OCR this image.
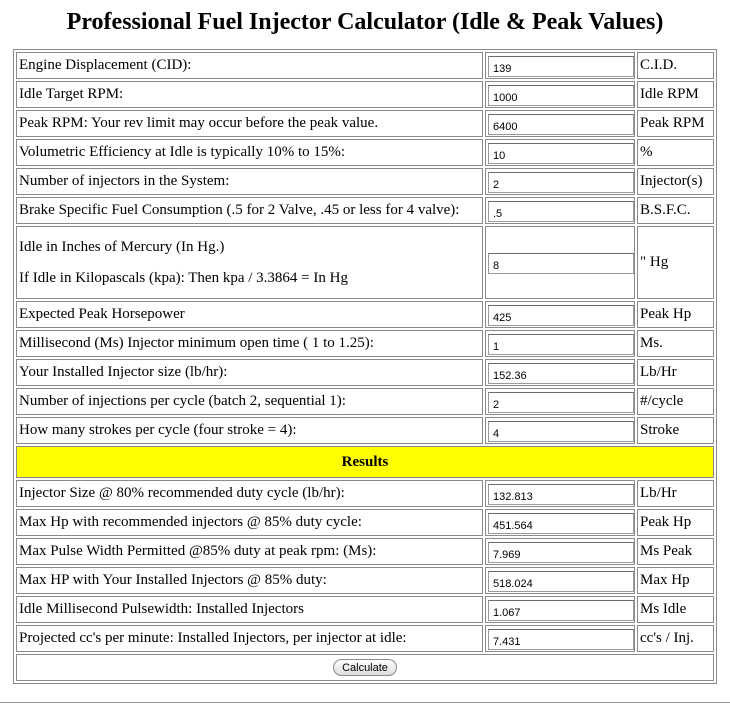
Professional Fuel Injector Calculator (Idle & Peak Values)
Engine Displacement (CID):
	139	C.I.D.

Idle Target RPM:
	1000	Idle RPM

Peak RPM: Your rev limit may occur before the peak value.
	6400	Peak RPM

Volumetric Efficiency at Idle is typically 10% to 15%:
	10	%

Number of injectors in the System:
	2	Injector(s)

Brake Specific Fuel Consumption (.5 for 2 Valve, .45 or less for 4 valve):
	.5	B.S.F.C.

Idle in Inches of Mercury (In Hg.)
If Idle in Kilopascals (kpa): Then kpa / 3.3864 = In Hg
	8	" Hg

Expected Peak Horsepower
	425	Peak Hp

Millisecond (Ms) Injector minimum open time ( 1 to 1.25):
	1	Ms.

Your Installed Injector size (lb/hr):
	152.36	Lb/Hr

Number of injections per cycle (batch 2, sequential 1):
	2	#/cycle

How many strokes per cycle (four stroke = 4):
	4	Stroke
Results		

Injector Size @ 80% recommended duty cycle (lb/hr):
	132.813	Lb/Hr

Max Hp with recommended injectors @ 85% duty cycle:
	451.564	Peak Hp

Max Pulse Width Permitted @85% duty at peak rpm: (Ms):
	7.969	Ms Peak

Max HP with Your Installed Injectors @ 85% duty:
	518.024	Max Hp

Idle Millisecond Pulsewidth: Installed Injectors
	1.067	Ms Idle

Projected cc's per minute: Installed Injectors, per injector at idle:
	7.431	cc's / Inj.
Calculate		
